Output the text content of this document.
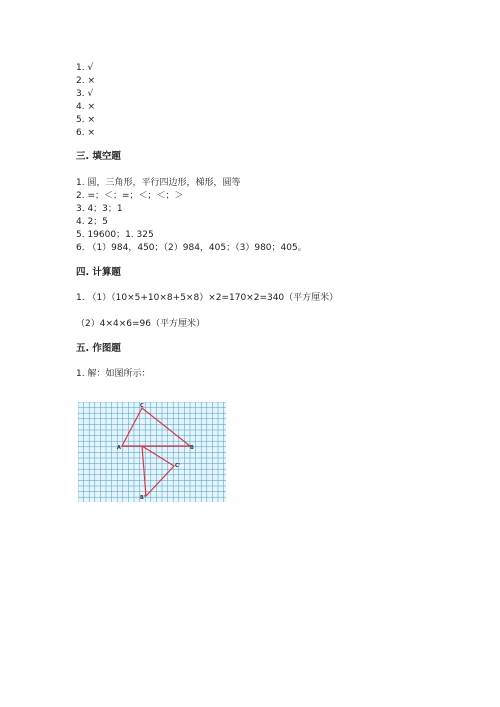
1. √
2. ×
3. √
4. ×
5. ×
6. ×
三. 填空题
1. 圆，三角形，平行四边形，梯形，圆等
2. =；＜；=；＜；＜；＞
3. 4；3；1
4. 2；5
5. 19600；1. 325
6. （1）984，450；（2）984，405；（3）980；405。
四. 计算题
1. （1）（10×5+10×8+5×8）×2=170×2=340（平方厘米）
（2）4×4×6=96（平方厘米）
五. 作图题
1. 解：如图所示：
C
A	B
C'
B'
